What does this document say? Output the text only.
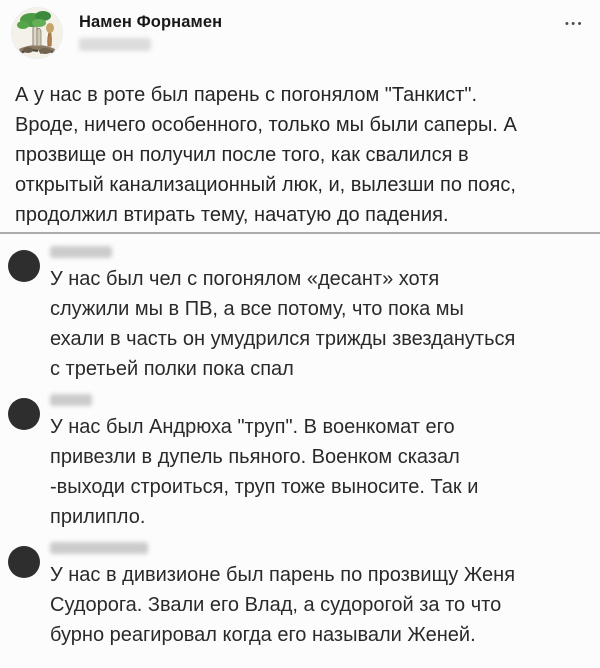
Намен Форнамен	•••
А у нас в роте был парень с погонялом "Танкист".
Вроде, ничего особенного, только мы были саперы. А
прозвище он получил после того, как свалился в
открытый канализационный люк, и, вылезши по пояс,
продолжил втирать тему, начатую до падения.
У нас был чел с погонялом «десант» хотя
служили мы в ПВ, а все потому, что пока мы
ехали в часть он умудрился трижды звездануться
с третьей полки пока спал
У нас был Андрюха "труп". В военкомат его
привезли в дупель пьяного. Военком сказал
-выходи строиться, труп тоже выносите. Так и
прилипло.
У нас в дивизионе был парень по прозвищу Женя
Судорога. Звали его Влад, а судорогой за то что
бурно реагировал когда его называли Женей.
